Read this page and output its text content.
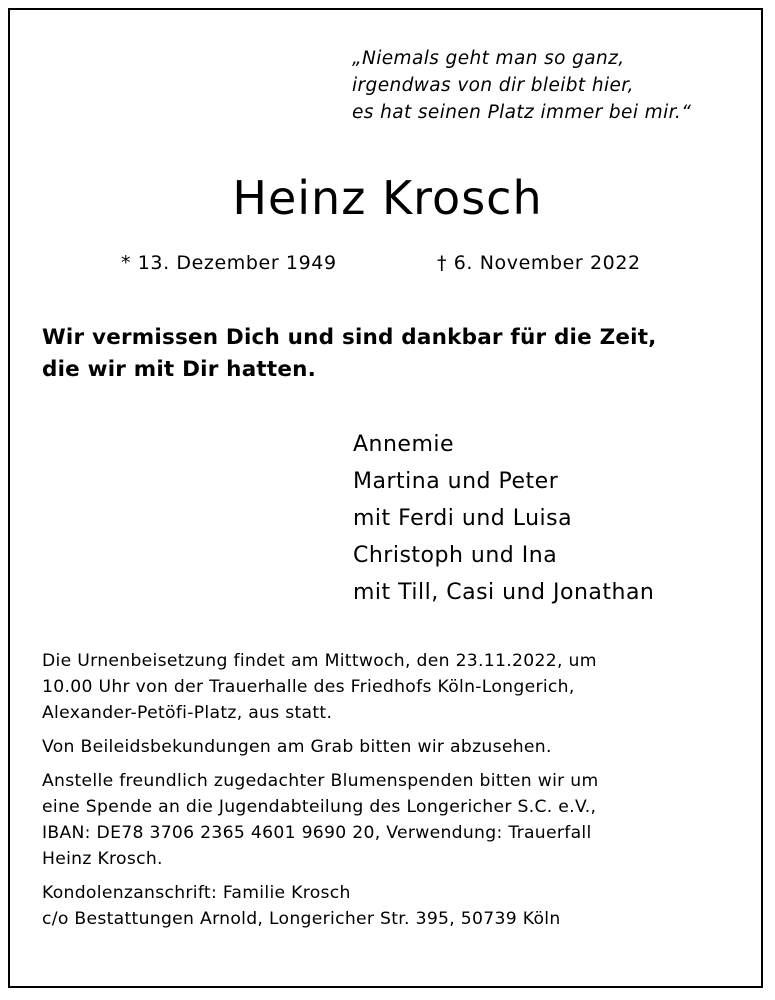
„Niemals geht man so ganz,
irgendwas von dir bleibt hier,
es hat seinen Platz immer bei mir.“
Heinz Krosch
* 13. Dezember 1949	† 6. November 2022
Wir vermissen Dich und sind dankbar für die Zeit,
die wir mit Dir hatten.
Annemie
Martina und Peter
mit Ferdi und Luisa
Christoph und Ina
mit Till, Casi und Jonathan

Die Urnenbeisetzung findet am Mittwoch, den 23.11.2022, um
10.00 Uhr von der Trauerhalle des Friedhofs Köln-Longerich,
Alexander-Petöfi-Platz, aus statt.

Von Beileidsbekundungen am Grab bitten wir abzusehen.

Anstelle freundlich zugedachter Blumenspenden bitten wir um
eine Spende an die Jugendabteilung des Longericher S.C. e.V.,
IBAN: DE78 3706 2365 4601 9690 20, Verwendung: Trauerfall
Heinz Krosch.

Kondolenzanschrift: Familie Krosch
c/o Bestattungen Arnold, Longericher Str. 395, 50739 Köln
